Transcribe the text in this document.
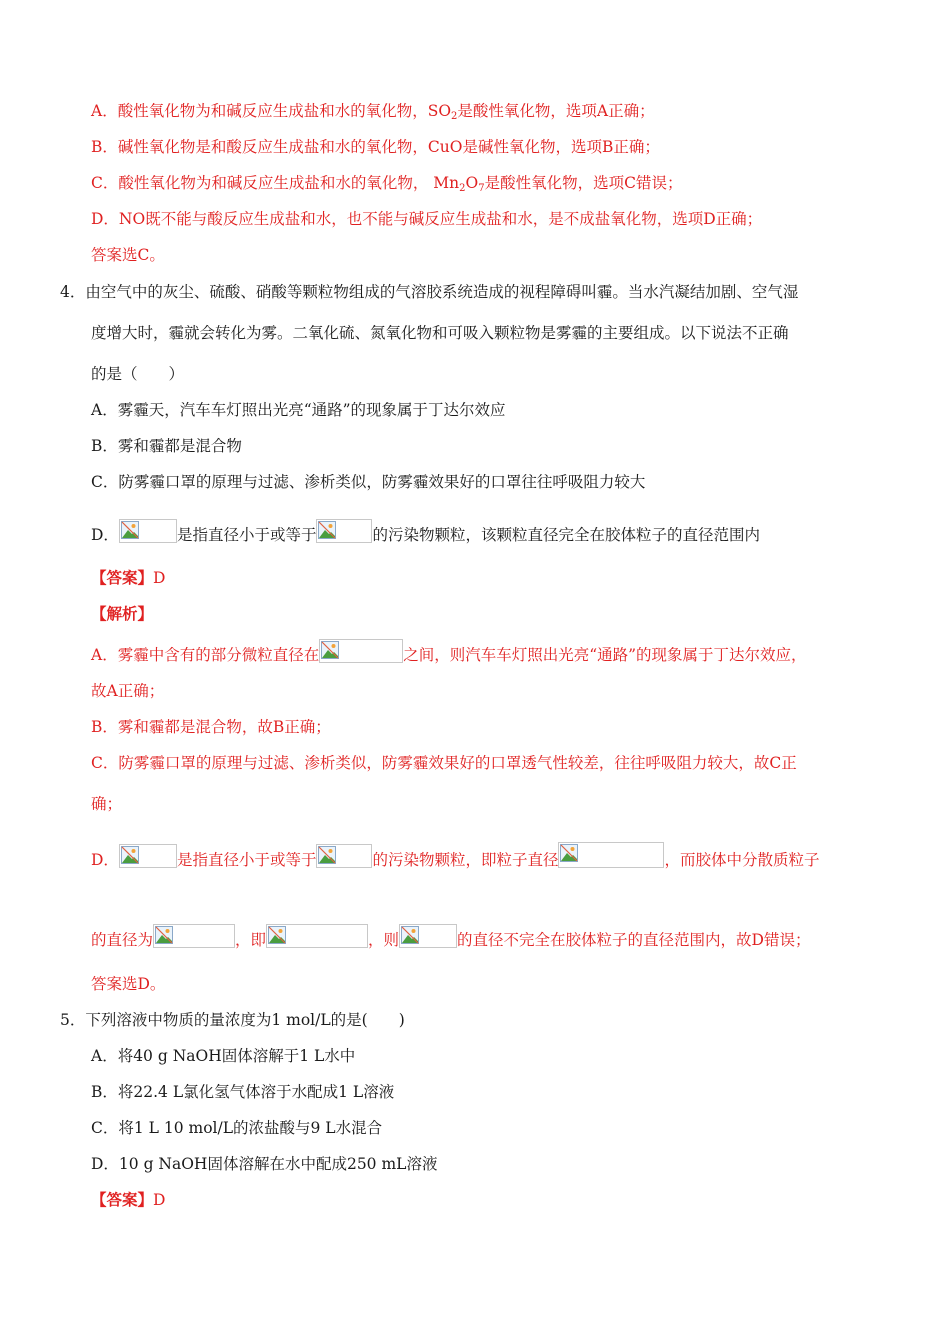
A．酸性氧化物为和碱反应生成盐和水的氧化物，$SO_2$是酸性氧化物，选项A正确；
B．碱性氧化物是和酸反应生成盐和水的氧化物，CuO是碱性氧化物，选项B正确；
C．酸性氧化物为和碱反应生成盐和水的氧化物， $Mn_2O_7$是酸性氧化物，选项C错误；
D．NO既不能与酸反应生成盐和水，也不能与碱反应生成盐和水，是不成盐氧化物，选项D正确；
答案选C。
4．由空气中的灰尘、硫酸、硝酸等颗粒物组成的气溶胶系统造成的视程障碍叫霾。当水汽凝结加剧、空气湿
度增大时，霾就会转化为雾。二氧化硫、氮氧化物和可吸入颗粒物是雾霾的主要组成。以下说法不正确
的是（　　）
A．雾霾天，汽车车灯照出光亮“通路”的现象属于丁达尔效应
B．雾和霾都是混合物
C．防雾霾口罩的原理与过滤、渗析类似，防雾霾效果好的口罩往往呼吸阻力较大
D．	是指直径小于或等于	的污染物颗粒，该颗粒直径完全在胶体粒子的直径范围内
【答案】D
【解析】
A．雾霾中含有的部分微粒直径在	之间，则汽车车灯照出光亮“通路”的现象属于丁达尔效应，
故A正确；
B．雾和霾都是混合物，故B正确；
C．防雾霾口罩的原理与过滤、渗析类似，防雾霾效果好的口罩透气性较差，往往呼吸阻力较大，故C正
确；
D．	是指直径小于或等于	的污染物颗粒，即粒子直径	，而胶体中分散质粒子
的直径为	，即	，则	的直径不完全在胶体粒子的直径范围内，故D错误；
答案选D。
5．下列溶液中物质的量浓度为1 mol/L的是(　　)
A．将40 g NaOH固体溶解于1 L水中
B．将22.4 L氯化氢气体溶于水配成1 L溶液
C．将1 L 10 mol/L的浓盐酸与9 L水混合
D．10 g NaOH固体溶解在水中配成250 mL溶液
【答案】D
